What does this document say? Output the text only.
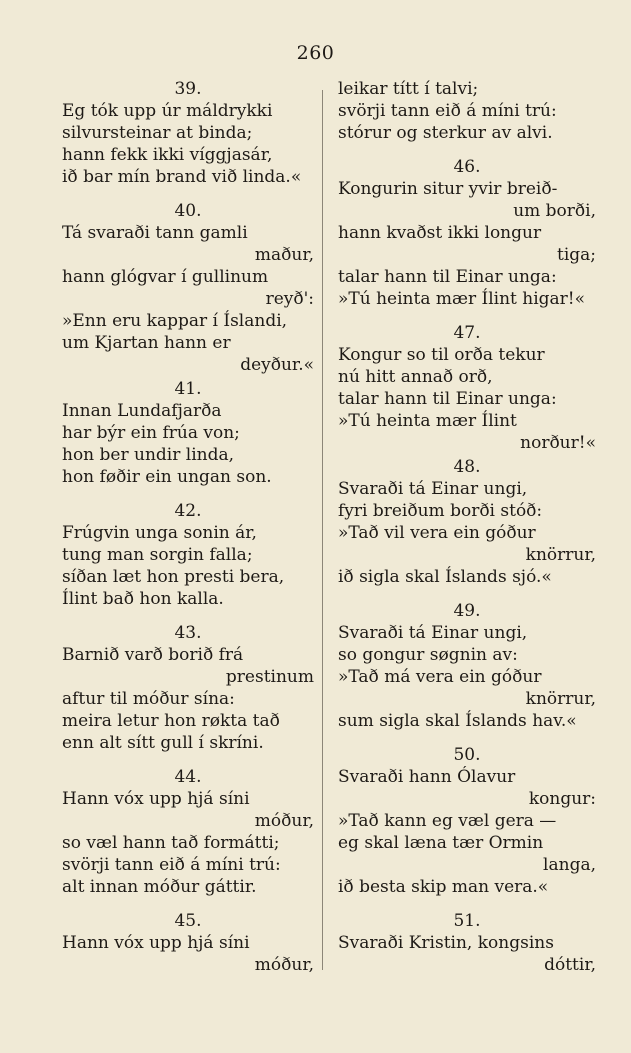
260
39.
Eg tók upp úr máldrykki
silvursteinar at binda;
hann fekk ikki víggjasár,
ið bar mín brand við linda.«
40.
Tá svaraði tann gamli
maður,
hann glógvar í gullinum
reyð':
»Enn eru kappar í Íslandi,
um Kjartan hann er
deyður.«
41.
Innan Lundafjarða
har býr ein frúa von;
hon ber undir linda,
hon føðir ein ungan son.
42.
Frúgvin unga sonin ár,
tung man sorgin falla;
síðan læt hon presti bera,
Ílint bað hon kalla.
43.
Barnið varð borið frá
prestinum
aftur til móður sína:
meira letur hon røkta tað
enn alt sítt gull í skríni.
44.
Hann vóx upp hjá síni
móður,
so væl hann tað formátti;
svörji tann eið á míni trú:
alt innan móður gáttir.
45.
Hann vóx upp hjá síni
móður,
leikar títt í talvi;
svörji tann eið á míni trú:
stórur og sterkur av alvi.
46.
Kongurin situr yvir breið-
um borði,
hann kvaðst ikki longur
tiga;
talar hann til Einar unga:
»Tú heinta mær Ílint higar!«
47.
Kongur so til orða tekur
nú hitt annað orð,
talar hann til Einar unga:
»Tú heinta mær Ílint
norður!«
48.
Svaraði tá Einar ungi,
fyri breiðum borði stóð:
»Tað vil vera ein góður
knörrur,
ið sigla skal Íslands sjó.«
49.
Svaraði tá Einar ungi,
so gongur søgnin av:
»Tað má vera ein góður
knörrur,
sum sigla skal Íslands hav.«
50.
Svaraði hann Ólavur
kongur:
»Tað kann eg væl gera —
eg skal læna tær Ormin
langa,
ið besta skip man vera.«
51.
Svaraði Kristin, kongsins
dóttir,
